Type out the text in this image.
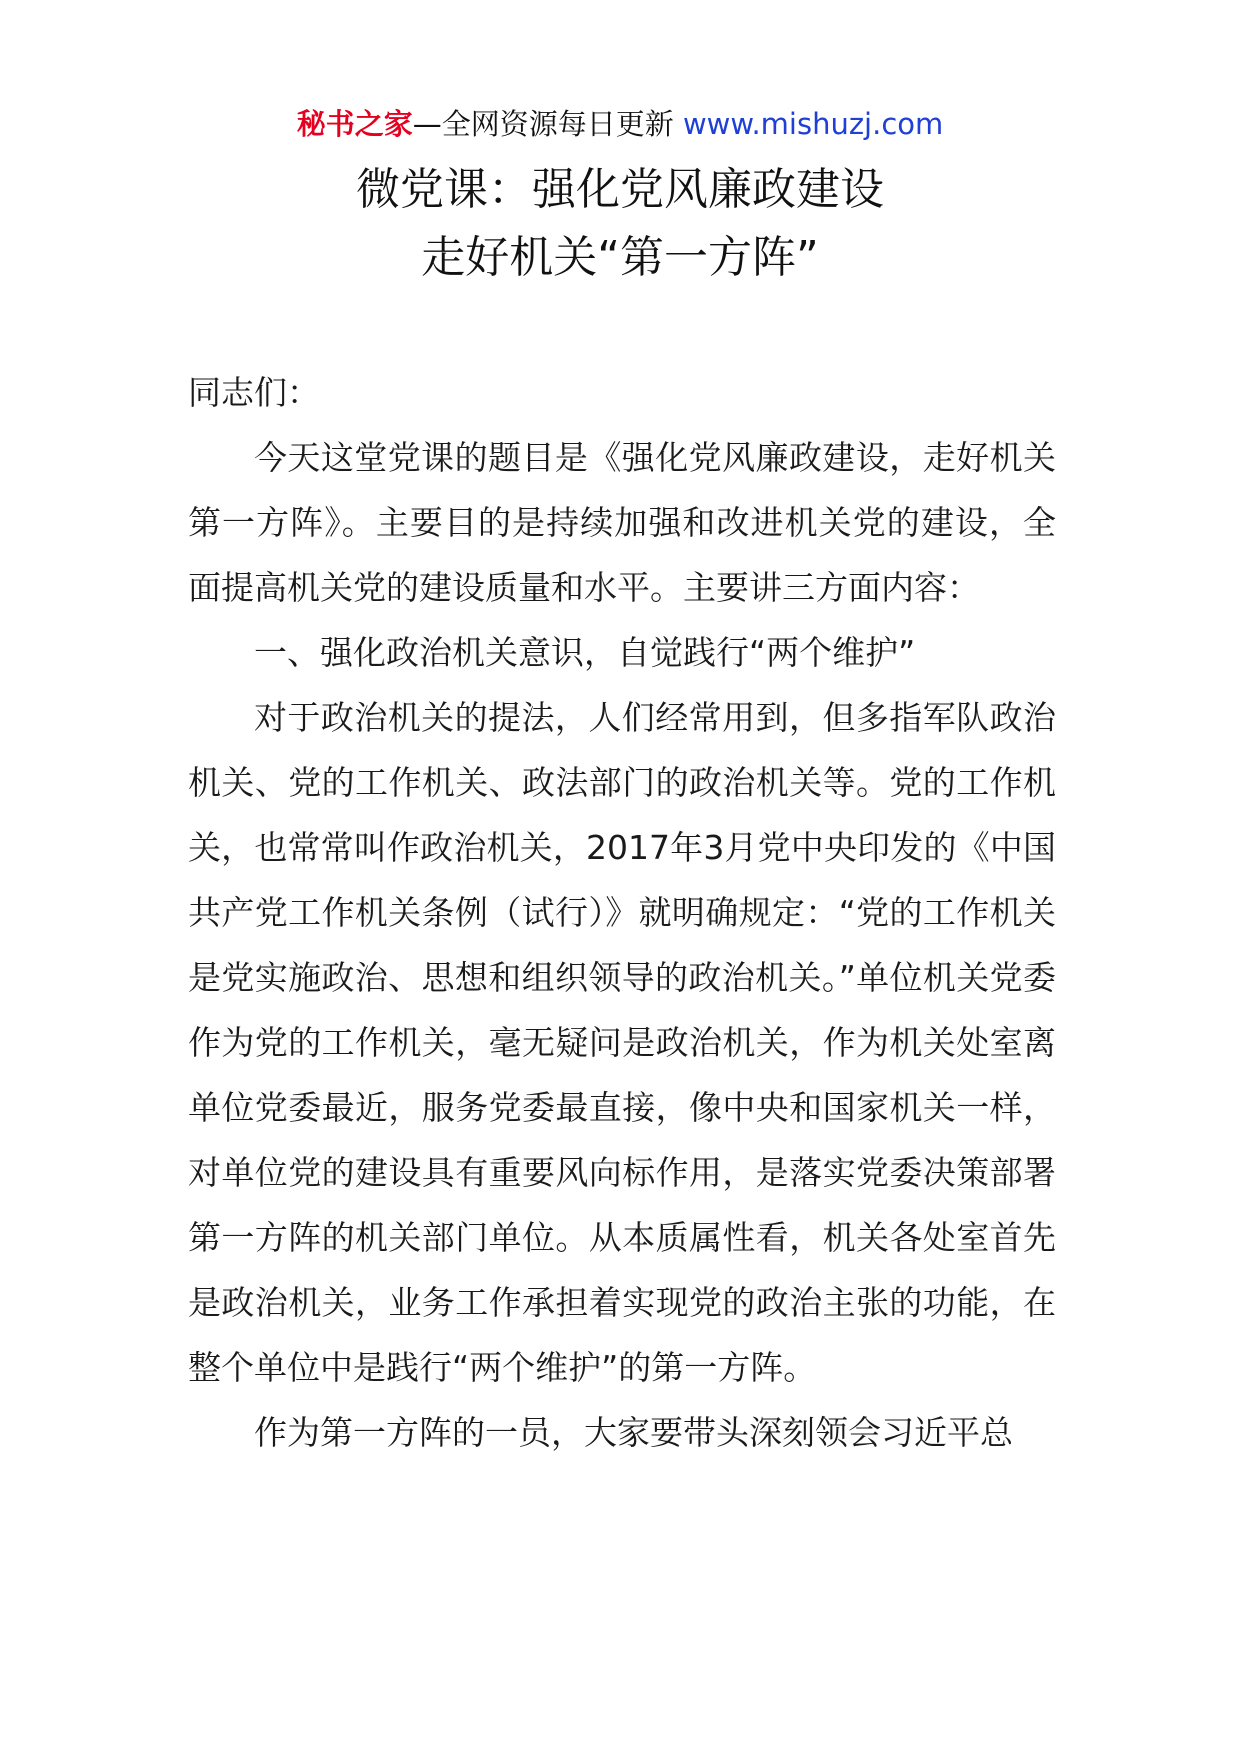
秘书之家—全网资源每日更新 www.mishuzj.com
微党课：强化党风廉政建设
走好机关“第一方阵”

同志们：

今天这堂党课的题目是《强化党风廉政建设，走好机关第一方阵》。主要目的是持续加强和改进机关党的建设，全面提高机关党的建设质量和水平。主要讲三方面内容：

一、强化政治机关意识，自觉践行“两个维护”

对于政治机关的提法，人们经常用到，但多指军队政治机关、党的工作机关、政法部门的政治机关等。党的工作机关，也常常叫作政治机关，2017年3月党中央印发的《中国共产党工作机关条例（试行）》就明确规定：“党的工作机关是党实施政治、思想和组织领导的政治机关。”单位机关党委作为党的工作机关，毫无疑问是政治机关，作为机关处室离单位党委最近，服务党委最直接，像中央和国家机关一样，对单位党的建设具有重要风向标作用，是落实党委决策部署第一方阵的机关部门单位。从本质属性看，机关各处室首先是政治机关，业务工作承担着实现党的政治主张的功能，在整个单位中是践行“两个维护”的第一方阵。

作为第一方阵的一员，大家要带头深刻领会习近平总
